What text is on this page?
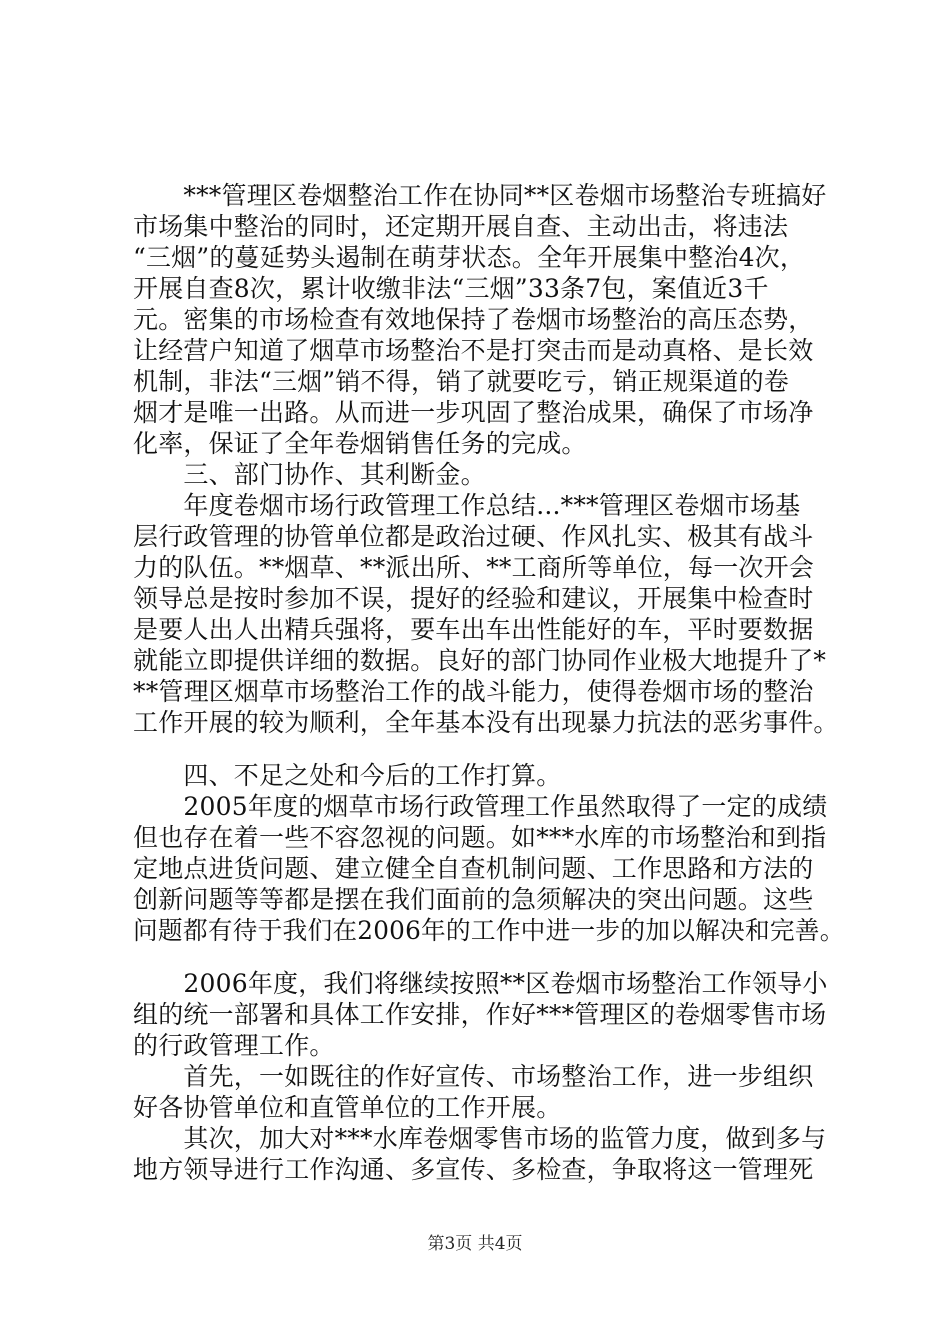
　　***管理区卷烟整治工作在协同**区卷烟市场整治专班搞好
市场集中整治的同时，还定期开展自查、主动出击，将违法
“三烟”的蔓延势头遏制在萌芽状态。全年开展集中整治4次，
开展自查8次，累计收缴非法“三烟”33条7包，案值近3千
元。密集的市场检查有效地保持了卷烟市场整治的高压态势，
让经营户知道了烟草市场整治不是打突击而是动真格、是长效
机制，非法“三烟”销不得，销了就要吃亏，销正规渠道的卷
烟才是唯一出路。从而进一步巩固了整治成果，确保了市场净
化率，保证了全年卷烟销售任务的完成。
　　三、部门协作、其利断金。
　　年度卷烟市场行政管理工作总结...***管理区卷烟市场基
层行政管理的协管单位都是政治过硬、作风扎实、极其有战斗
力的队伍。**烟草、**派出所、**工商所等单位，每一次开会
领导总是按时参加不误，提好的经验和建议，开展集中检查时
是要人出人出精兵强将，要车出车出性能好的车，平时要数据
就能立即提供详细的数据。良好的部门协同作业极大地提升了*
**管理区烟草市场整治工作的战斗能力，使得卷烟市场的整治
工作开展的较为顺利，全年基本没有出现暴力抗法的恶劣事件。
　　四、不足之处和今后的工作打算。
　　2005年度的烟草市场行政管理工作虽然取得了一定的成绩
但也存在着一些不容忽视的问题。如***水库的市场整治和到指
定地点进货问题、建立健全自查机制问题、工作思路和方法的
创新问题等等都是摆在我们面前的急须解决的突出问题。这些
问题都有待于我们在2006年的工作中进一步的加以解决和完善。
　　2006年度，我们将继续按照**区卷烟市场整治工作领导小
组的统一部署和具体工作安排，作好***管理区的卷烟零售市场
的行政管理工作。
　　首先，一如既往的作好宣传、市场整治工作，进一步组织
好各协管单位和直管单位的工作开展。
　　其次，加大对***水库卷烟零售市场的监管力度，做到多与
地方领导进行工作沟通、多宣传、多检查，争取将这一管理死
第3页 共4页
